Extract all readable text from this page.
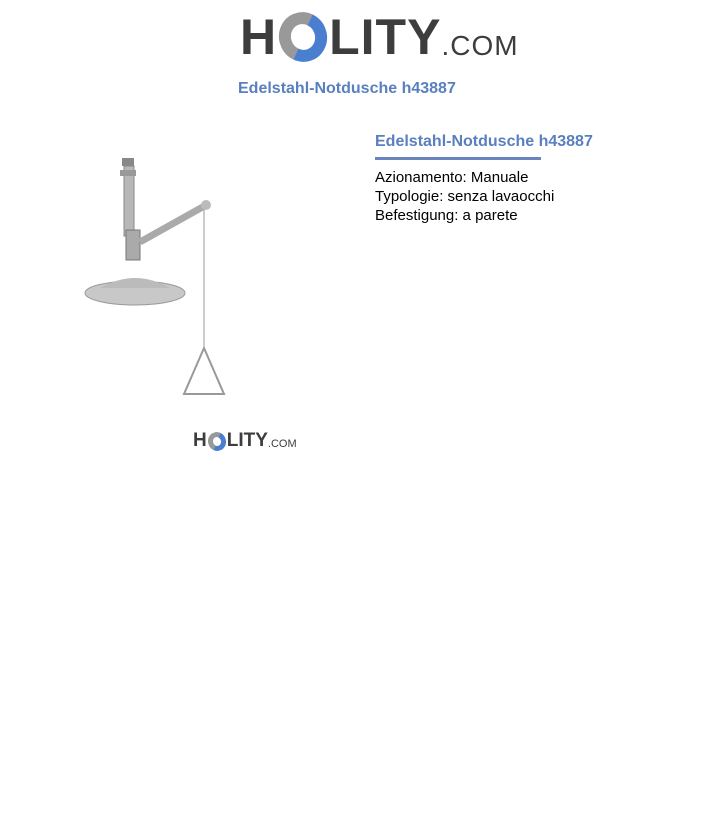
H LITY .COM
Edelstahl-Notdusche h43887
H LITY .COM
Edelstahl-Notdusche h43887
Azionamento: Manuale
Typologie: senza lavaocchi
Befestigung: a parete
